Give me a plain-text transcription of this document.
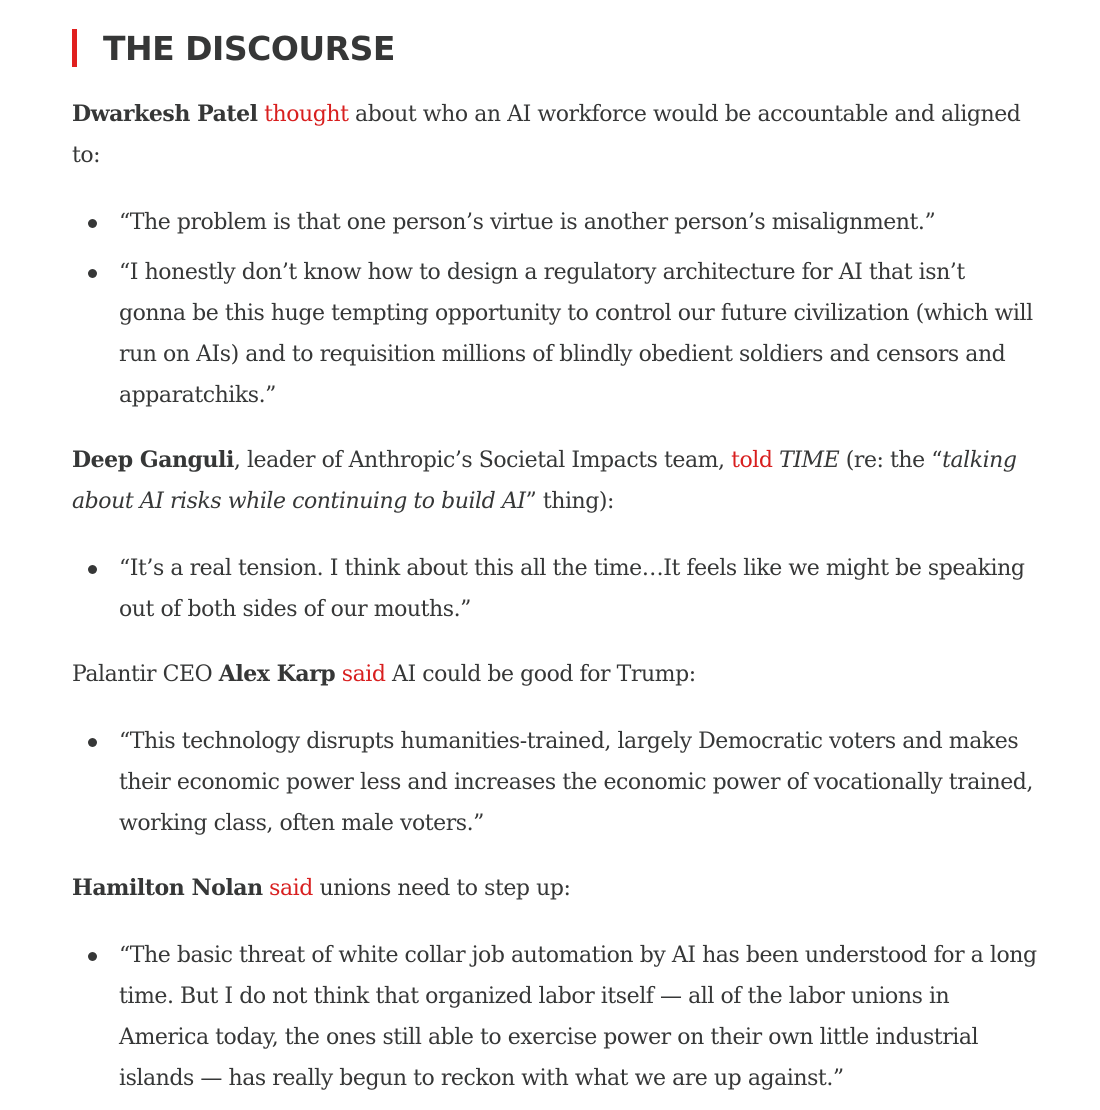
THE DISCOURSE

Dwarkesh Patel thought about who an AI workforce would be accountable and aligned to:

“The problem is that one person’s virtue is another person’s misalignment.”
“I honestly don’t know how to design a regulatory architecture for AI that isn’t gonna be this huge tempting opportunity to control our future civilization (which will run on AIs) and to requisition millions of blindly obedient soldiers and censors and apparatchiks.”

Deep Ganguli, leader of Anthropic’s Societal Impacts team, told TIME (re: the “talking about AI risks while continuing to build AI” thing):

“It’s a real tension. I think about this all the time…It feels like we might be speaking out of both sides of our mouths.”

Palantir CEO Alex Karp said AI could be good for Trump:

“This technology disrupts humanities-trained, largely Democratic voters and makes their economic power less and increases the economic power of vocationally trained, working class, often male voters.”

Hamilton Nolan said unions need to step up:

“The basic threat of white collar job automation by AI has been understood for a long time. But I do not think that organized labor itself — all of the labor unions in America today, the ones still able to exercise power on their own little industrial islands — has really begun to reckon with what we are up against.”
